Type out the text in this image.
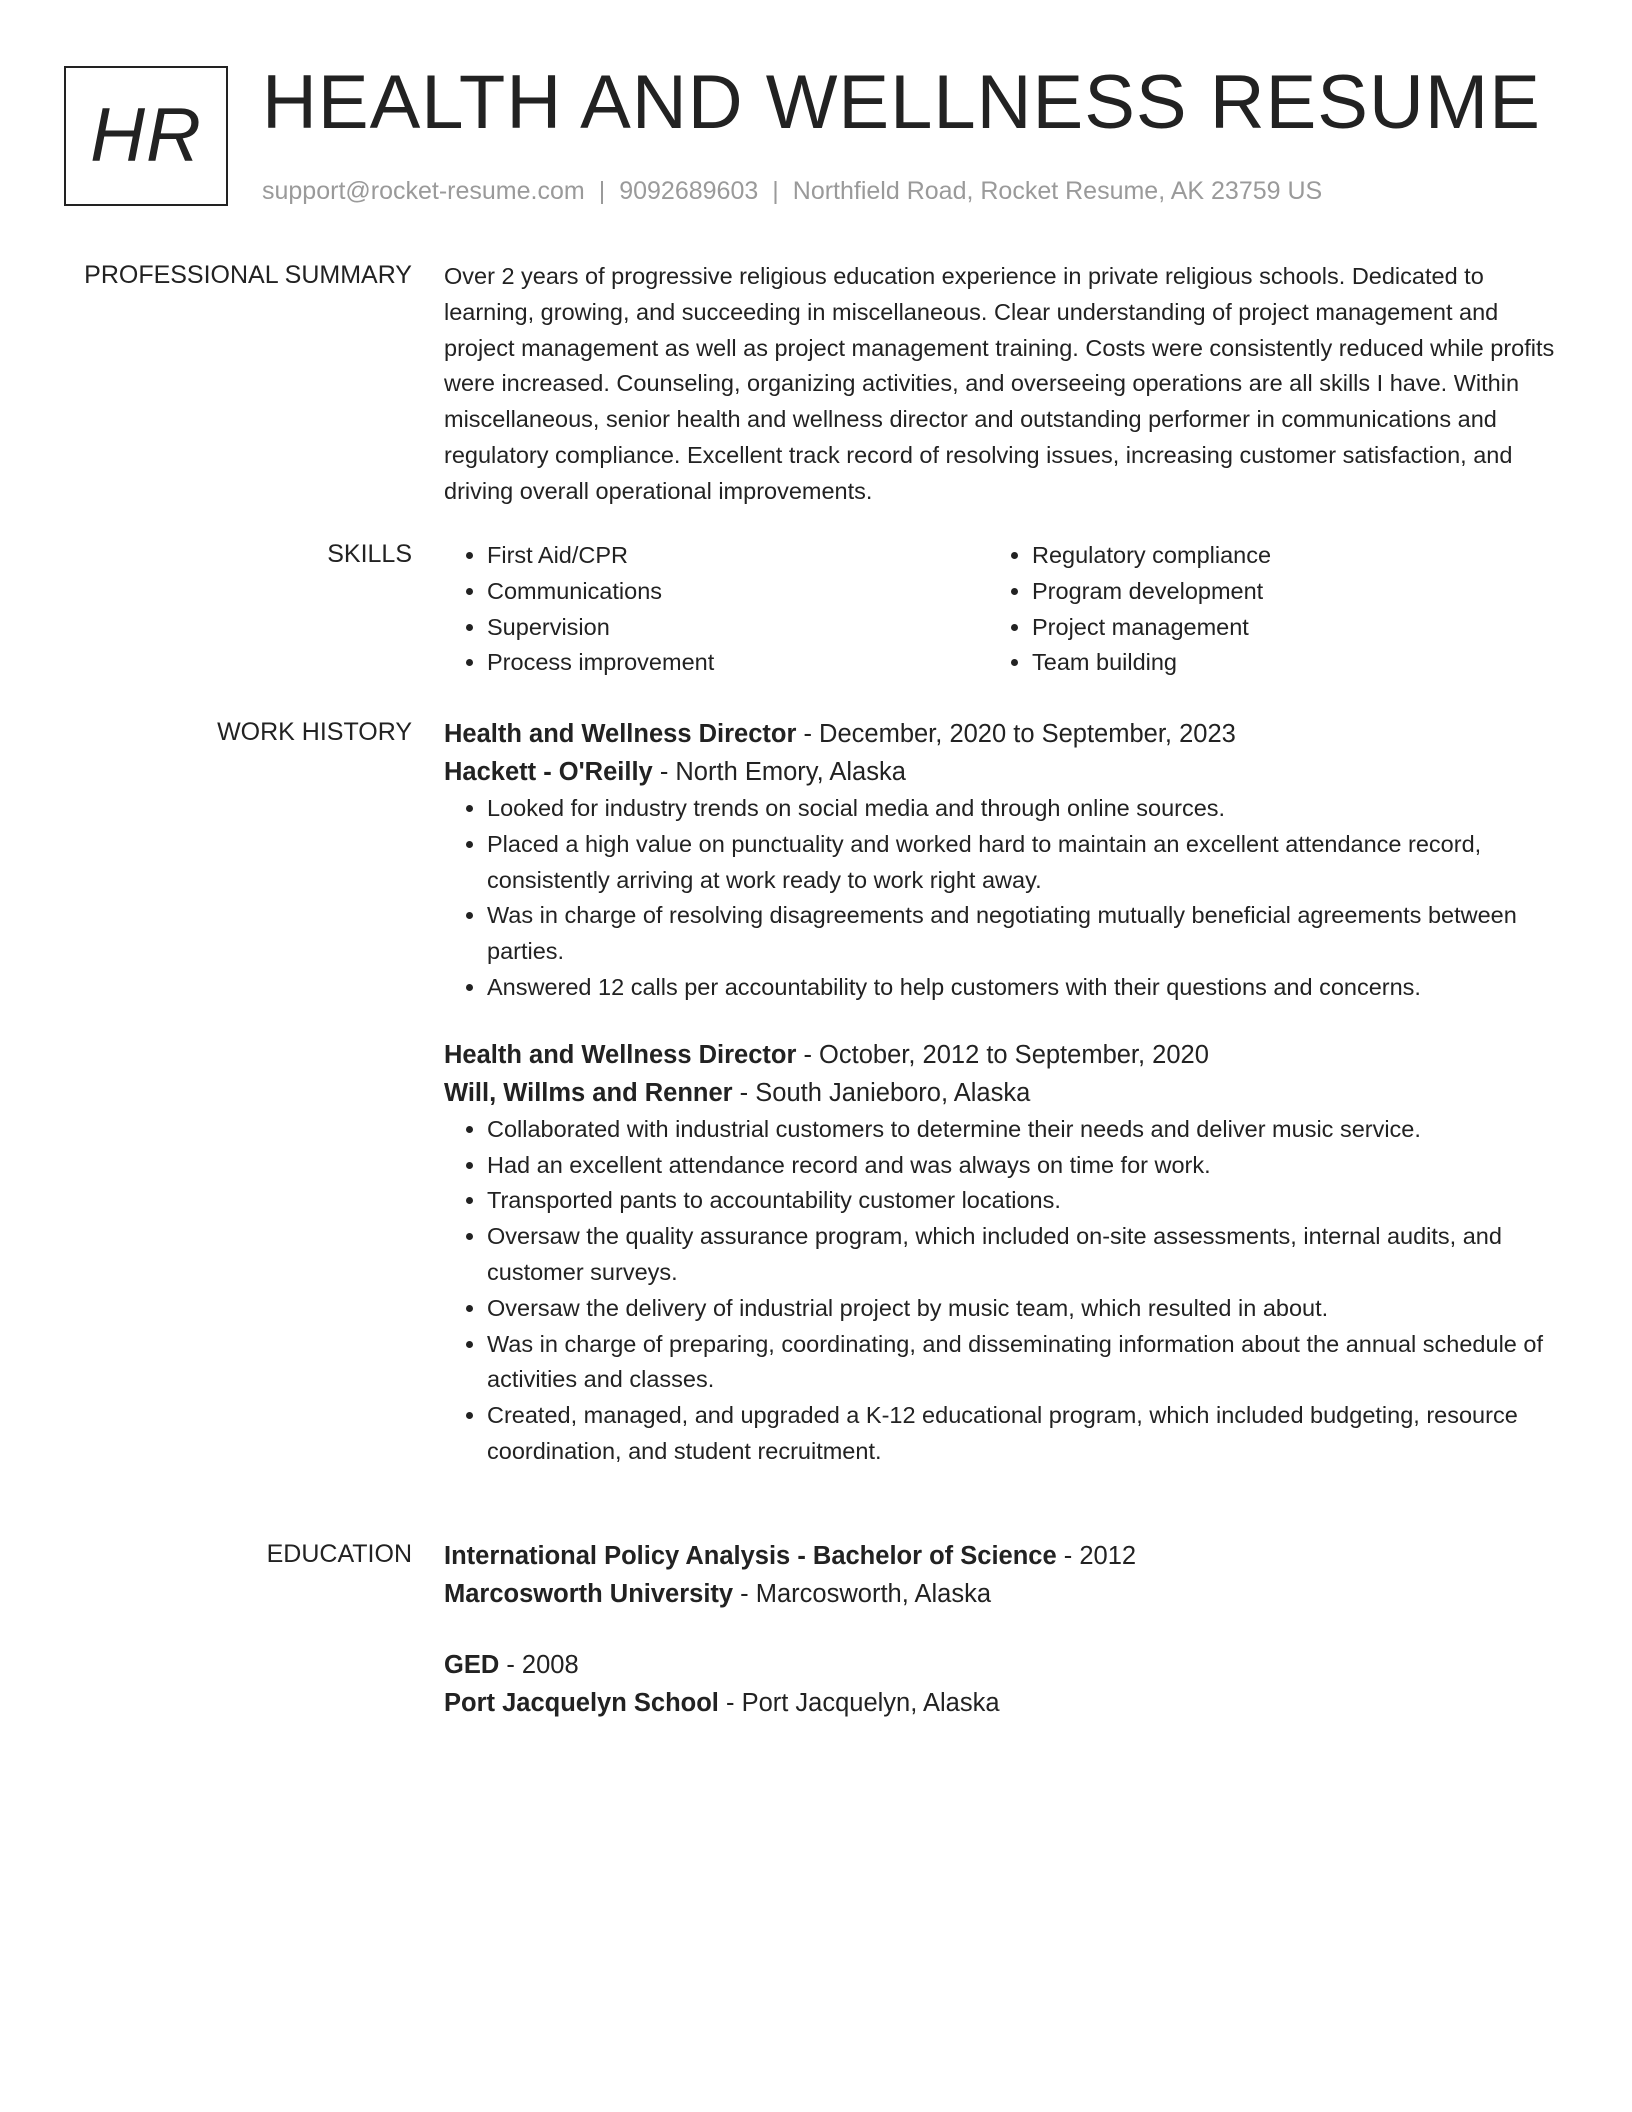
HR HEALTH AND WELLNESS RESUME
support@rocket-resume.com | 9092689603 | Northfield Road, Rocket Resume, AK 23759 US
PROFESSIONAL SUMMARY Over 2 years of progressive religious education experience in private religious schools. Dedicated to learning, growing, and succeeding in miscellaneous. Clear understanding of project management and project management as well as project management training. Costs were consistently reduced while profits were increased. Counseling, organizing activities, and overseeing operations are all skills I have. Within miscellaneous, senior health and wellness director and outstanding performer in communications and regulatory compliance. Excellent track record of resolving issues, increasing customer satisfaction, and driving overall operational improvements.

SKILLS
•	First Aid/CPR
• Communications
• Supervision
• Process improvement
• Regulatory compliance
• Program development
• Project management
• Team building
WORK HISTORY Health and Wellness Director - December, 2020 to September, 2023

Hackett - O'Reilly - North Emory, Alaska

• Looked for industry trends on social media and through online sources.
• Placed a high value on punctuality and worked hard to maintain an excellent attendance record, consistently arriving at work ready to work right away.
• Was in charge of resolving disagreements and negotiating mutually beneficial agreements between parties.
• Answered 12 calls per accountability to help customers with their questions and concerns.

Health and Wellness Director - October, 2012 to September, 2020

Will, Willms and Renner - South Janieboro, Alaska

• Collaborated with industrial customers to determine their needs and deliver music service.
• Had an excellent attendance record and was always on time for work.
• Transported pants to accountability customer locations.
• Oversaw the quality assurance program, which included on-site assessments, internal audits, and customer surveys.
• Oversaw the delivery of industrial project by music team, which resulted in about.
• Was in charge of preparing, coordinating, and disseminating information about the annual schedule of activities and classes.
• Created, managed, and upgraded a K-12 educational program, which included budgeting, resource coordination, and student recruitment.
EDUCATION International Policy Analysis - Bachelor of Science - 2012

Marcosworth University - Marcosworth, Alaska

GED - 2008

Port Jacquelyn School - Port Jacquelyn, Alaska
